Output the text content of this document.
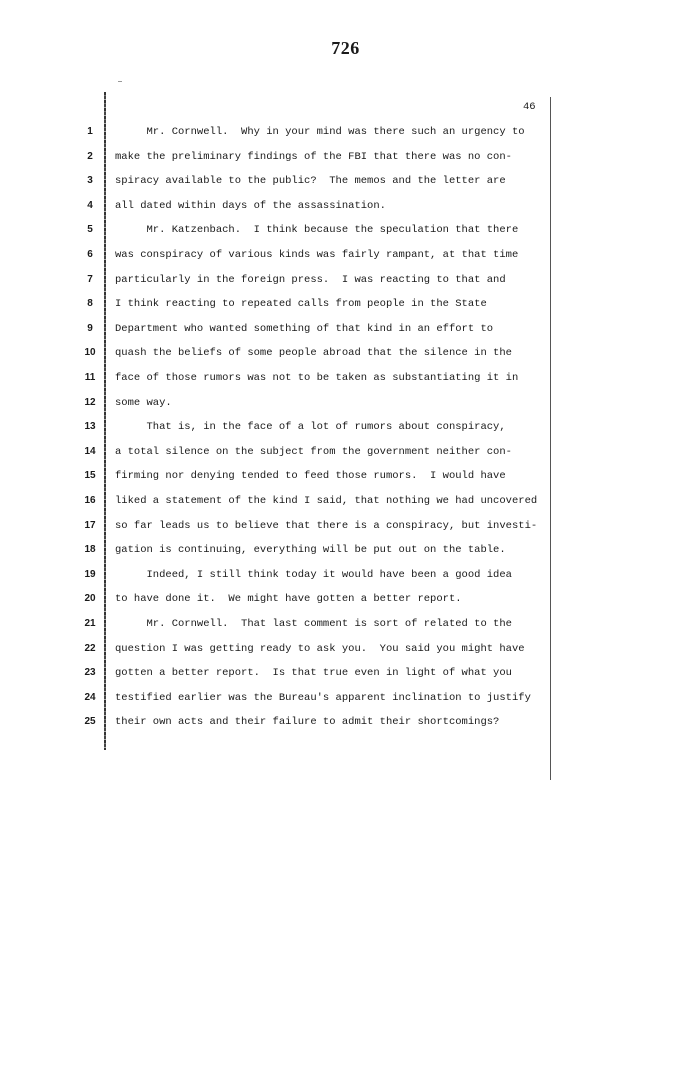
726
46
1
2
3
4
5
6
7
8
9
10
11
12
13
14
15
16
17
18
19
20
21
22
23
24
25
Mr. Cornwell.  Why in your mind was there such an urgency to
make the preliminary findings of the FBI that there was no con-
spiracy available to the public?  The memos and the letter are
all dated within days of the assassination.
Mr. Katzenbach.  I think because the speculation that there
was conspiracy of various kinds was fairly rampant, at that time
particularly in the foreign press.  I was reacting to that and
I think reacting to repeated calls from people in the State
Department who wanted something of that kind in an effort to
quash the beliefs of some people abroad that the silence in the
face of those rumors was not to be taken as substantiating it in
some way.
That is, in the face of a lot of rumors about conspiracy,
a total silence on the subject from the government neither con-
firming nor denying tended to feed those rumors.  I would have
liked a statement of the kind I said, that nothing we had uncovered
so far leads us to believe that there is a conspiracy, but investi-
gation is continuing, everything will be put out on the table.
Indeed, I still think today it would have been a good idea
to have done it.  We might have gotten a better report.
Mr. Cornwell.  That last comment is sort of related to the
question I was getting ready to ask you.  You said you might have
gotten a better report.  Is that true even in light of what you
testified earlier was the Bureau's apparent inclination to justify
their own acts and their failure to admit their shortcomings?
